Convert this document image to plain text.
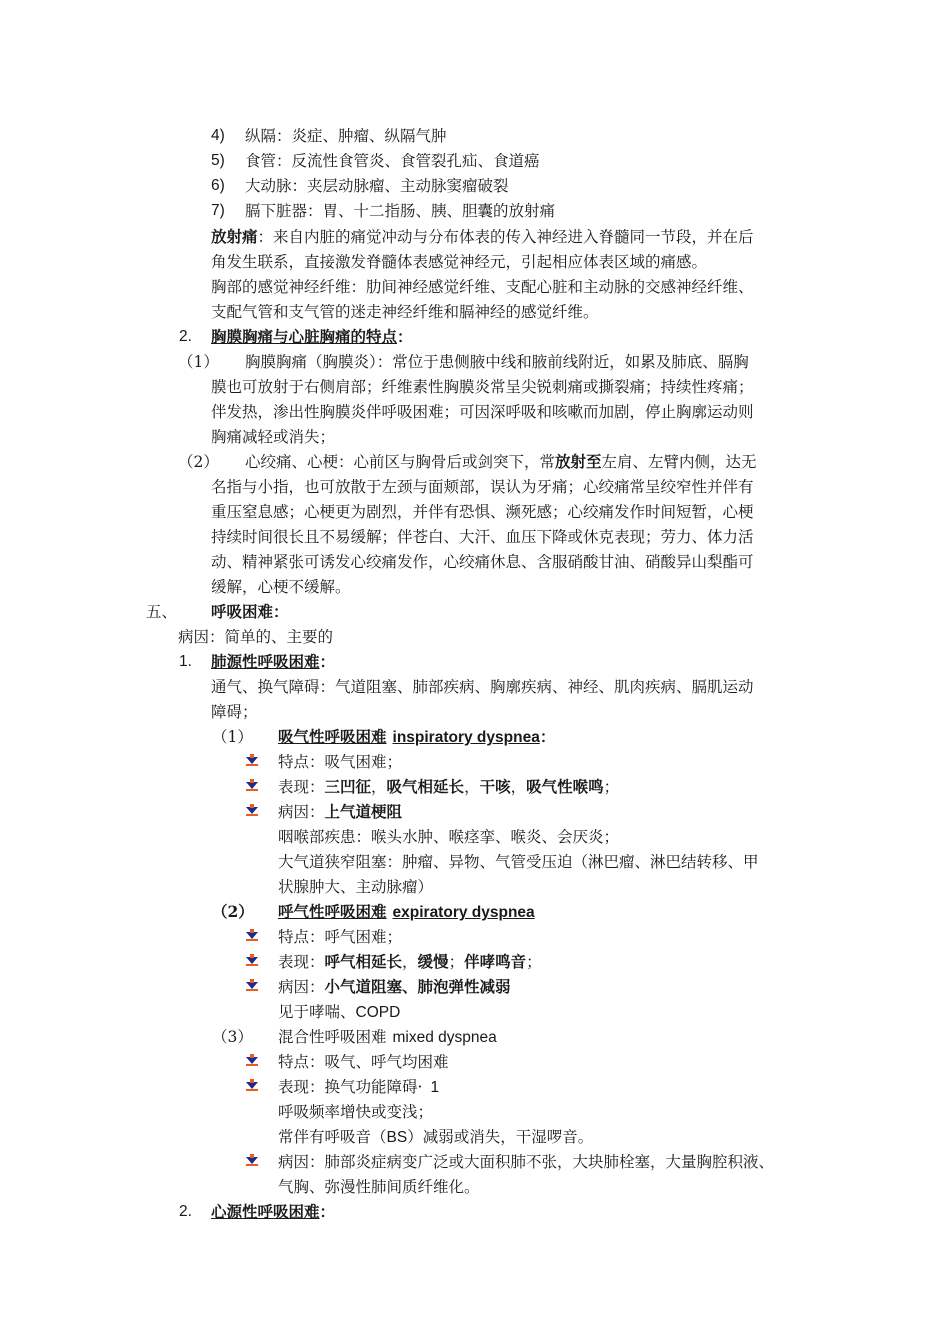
4) 纵隔：炎症、肿瘤、纵隔气肿
5) 食管：反流性食管炎、食管裂孔疝、食道癌
6) 大动脉：夹层动脉瘤、主动脉窦瘤破裂
7) 膈下脏器：胃、十二指肠、胰、胆囊的放射痛
放射痛：来自内脏的痛觉冲动与分布体表的传入神经进入脊髓同一节段，并在后
角发生联系，直接激发脊髓体表感觉神经元，引起相应体表区域的痛感。
胸部的感觉神经纤维：肋间神经感觉纤维、支配心脏和主动脉的交感神经纤维、
支配气管和支气管的迷走神经纤维和膈神经的感觉纤维。
2. 胸膜胸痛与心脏胸痛的特点：
（1） 胸膜胸痛（胸膜炎）：常位于患侧腋中线和腋前线附近，如累及肺底、膈胸
膜也可放射于右侧肩部；纤维素性胸膜炎常呈尖锐刺痛或撕裂痛；持续性疼痛；
伴发热，渗出性胸膜炎伴呼吸困难；可因深呼吸和咳嗽而加剧，停止胸廓运动则
胸痛减轻或消失；
（2） 心绞痛、心梗：心前区与胸骨后或剑突下，常放射至左肩、左臂内侧，达无
名指与小指，也可放散于左颈与面颊部，误认为牙痛；心绞痛常呈绞窄性并伴有
重压窒息感；心梗更为剧烈，并伴有恐惧、濒死感；心绞痛发作时间短暂，心梗
持续时间很长且不易缓解；伴苍白、大汗、血压下降或休克表现；劳力、体力活
动、精神紧张可诱发心绞痛发作，心绞痛休息、含服硝酸甘油、硝酸异山梨酯可
缓解，心梗不缓解。
五、 呼吸困难：
病因：简单的、主要的
1. 肺源性呼吸困难：
通气、换气障碍：气道阻塞、肺部疾病、胸廓疾病、神经、肌肉疾病、膈肌运动
障碍；
（1） 吸气性呼吸困难 inspiratory dyspnea：
特点：吸气困难；
表现：三凹征，吸气相延长，干咳，吸气性喉鸣；
病因：上气道梗阻
咽喉部疾患：喉头水肿、喉痉挛、喉炎、会厌炎；
大气道狭窄阻塞：肿瘤、异物、气管受压迫（淋巴瘤、淋巴结转移、甲
状腺肿大、主动脉瘤）
（2） 呼气性呼吸困难 expiratory dyspnea
特点：呼气困难；
表现：呼气相延长，缓慢；伴哮鸣音；
病因：小气道阻塞、肺泡弹性减弱
见于哮喘、COPD
（3） 混合性呼吸困难 mixed dyspnea
特点：吸气、呼气均困难
表现：换气功能障碍· 1
呼吸频率增快或变浅；
常伴有呼吸音（BS）减弱或消失，干湿啰音。
病因：肺部炎症病变广泛或大面积肺不张，大块肺栓塞，大量胸腔积液、
气胸、弥漫性肺间质纤维化。
2. 心源性呼吸困难：
